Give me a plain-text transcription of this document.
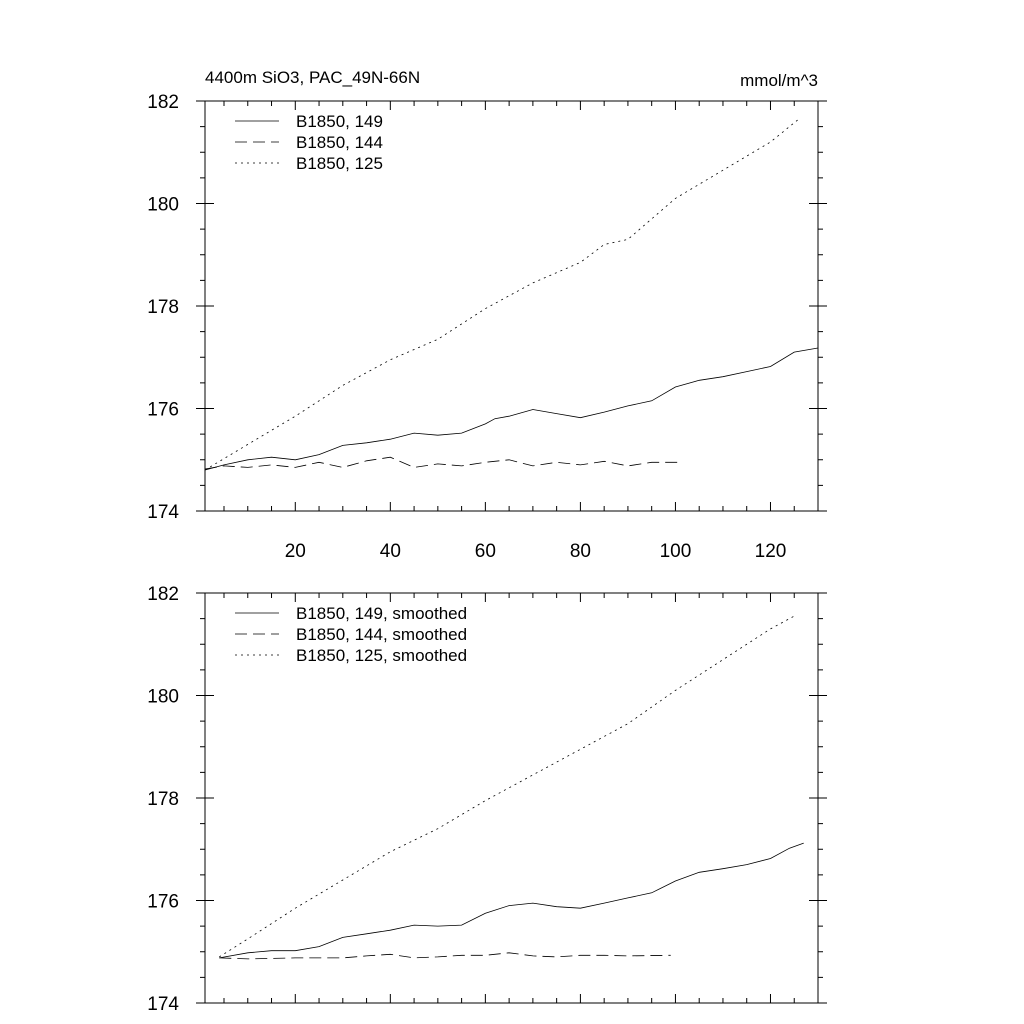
4400m SiO3, PAC_49N-66N	mmol/m^3
20	40	60	80	100	120
174
176
178
180
182
B1850, 149
B1850, 144
B1850, 125
174
176
178
180
182
B1850, 149, smoothed
B1850, 144, smoothed
B1850, 125, smoothed
